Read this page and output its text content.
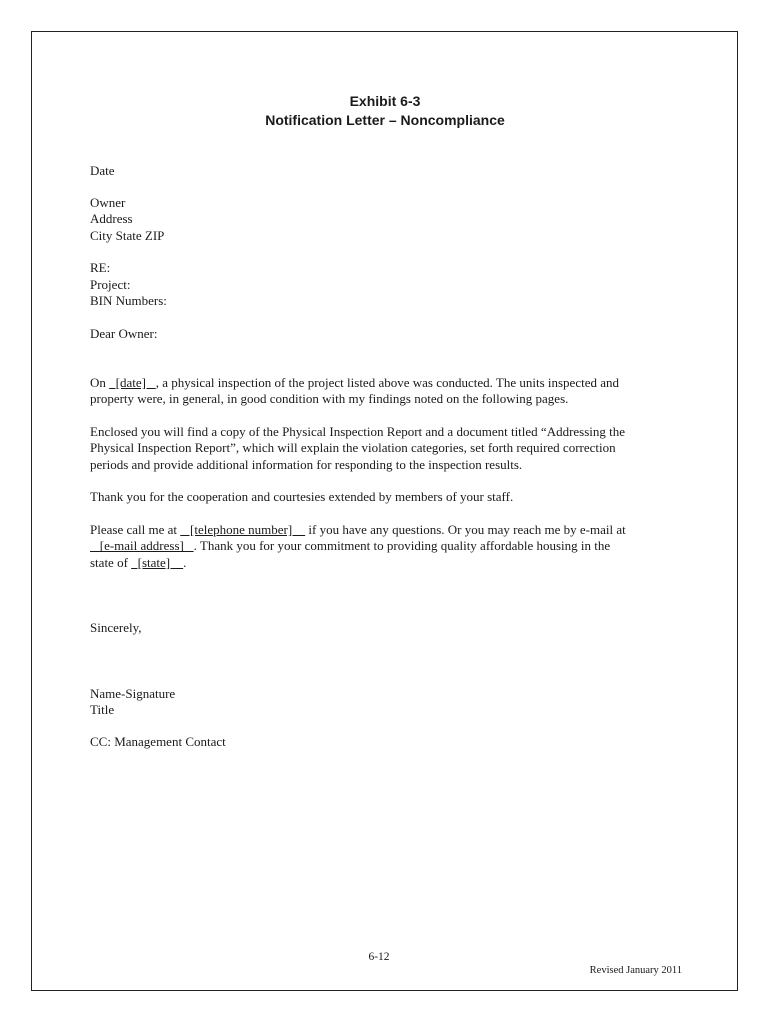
Exhibit 6-3
Notification Letter – Noncompliance
Date
Owner
Address
City State ZIP
RE:
Project:
BIN Numbers:
Dear Owner:
On   [date]   , a physical inspection of the project listed above was conducted. The units inspected and
property were, in general, in good condition with my findings noted on the following pages.
Enclosed you will find a copy of the Physical Inspection Report and a document titled “Addressing the
Physical Inspection Report”, which will explain the violation categories, set forth required correction
periods and provide additional information for responding to the inspection results.
Thank you for the cooperation and courtesies extended by members of your staff.
Please call me at    [telephone number]     if you have any questions. Or you may reach me by e-mail at
[e-mail address]   . Thank you for your commitment to providing quality affordable housing in the
state of   [state]    .
Sincerely,
Name-Signature
Title
CC: Management Contact
6-12
Revised January 2011
